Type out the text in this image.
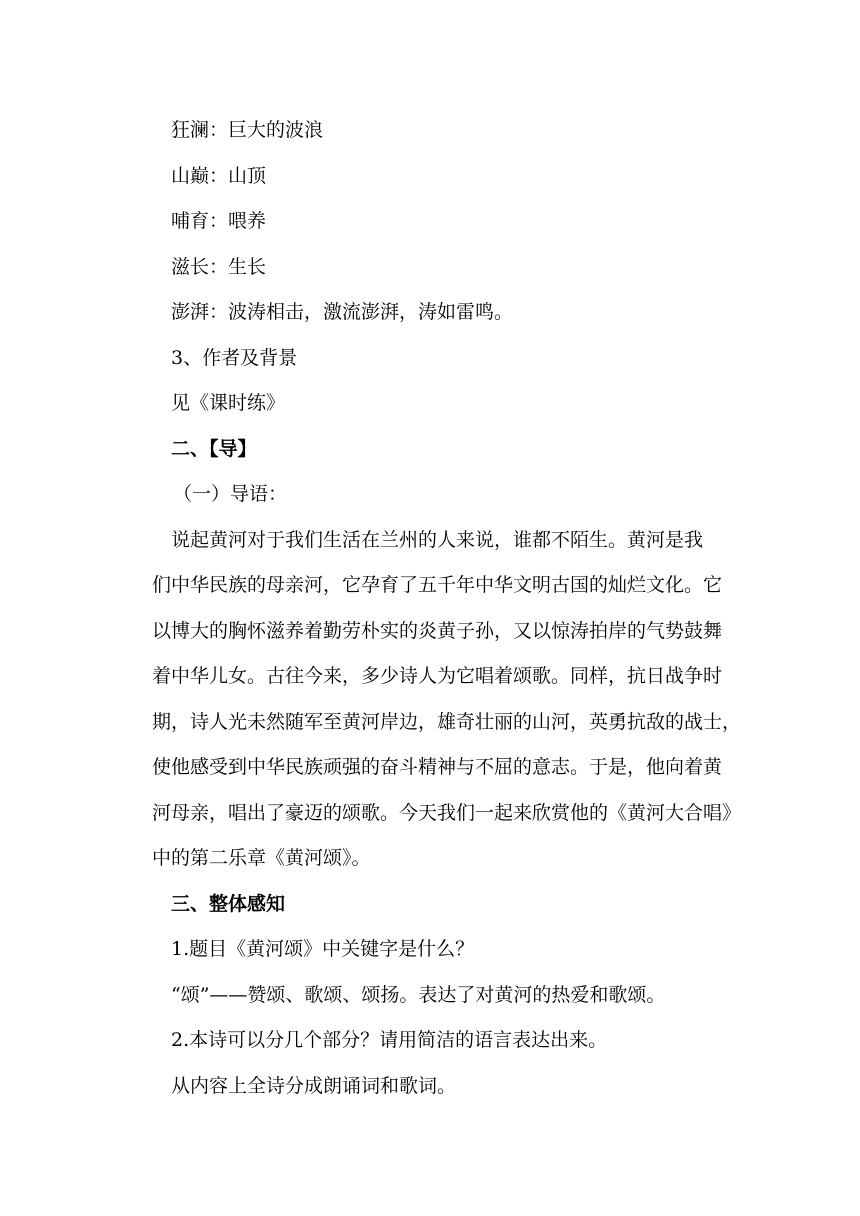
狂澜：巨大的波浪
山巅：山顶
哺育：喂养
滋长：生长
澎湃：波涛相击，激流澎湃，涛如雷鸣。
3、作者及背景
见《课时练》
二、【导】
（一）导语：
说起黄河对于我们生活在兰州的人来说，谁都不陌生。黄河是我
们中华民族的母亲河，它孕育了五千年中华文明古国的灿烂文化。它
以博大的胸怀滋养着勤劳朴实的炎黄子孙，又以惊涛拍岸的气势鼓舞
着中华儿女。古往今来，多少诗人为它唱着颂歌。同样，抗日战争时
期，诗人光未然随军至黄河岸边，雄奇壮丽的山河，英勇抗敌的战士，
使他感受到中华民族顽强的奋斗精神与不屈的意志。于是，他向着黄
河母亲，唱出了豪迈的颂歌。今天我们一起来欣赏他的《黄河大合唱》
中的第二乐章《黄河颂》。
三、整体感知
1.题目《黄河颂》中关键字是什么？
“颂”——赞颂、歌颂、颂扬。表达了对黄河的热爱和歌颂。
2.本诗可以分几个部分？请用简洁的语言表达出来。
从内容上全诗分成朗诵词和歌词。
